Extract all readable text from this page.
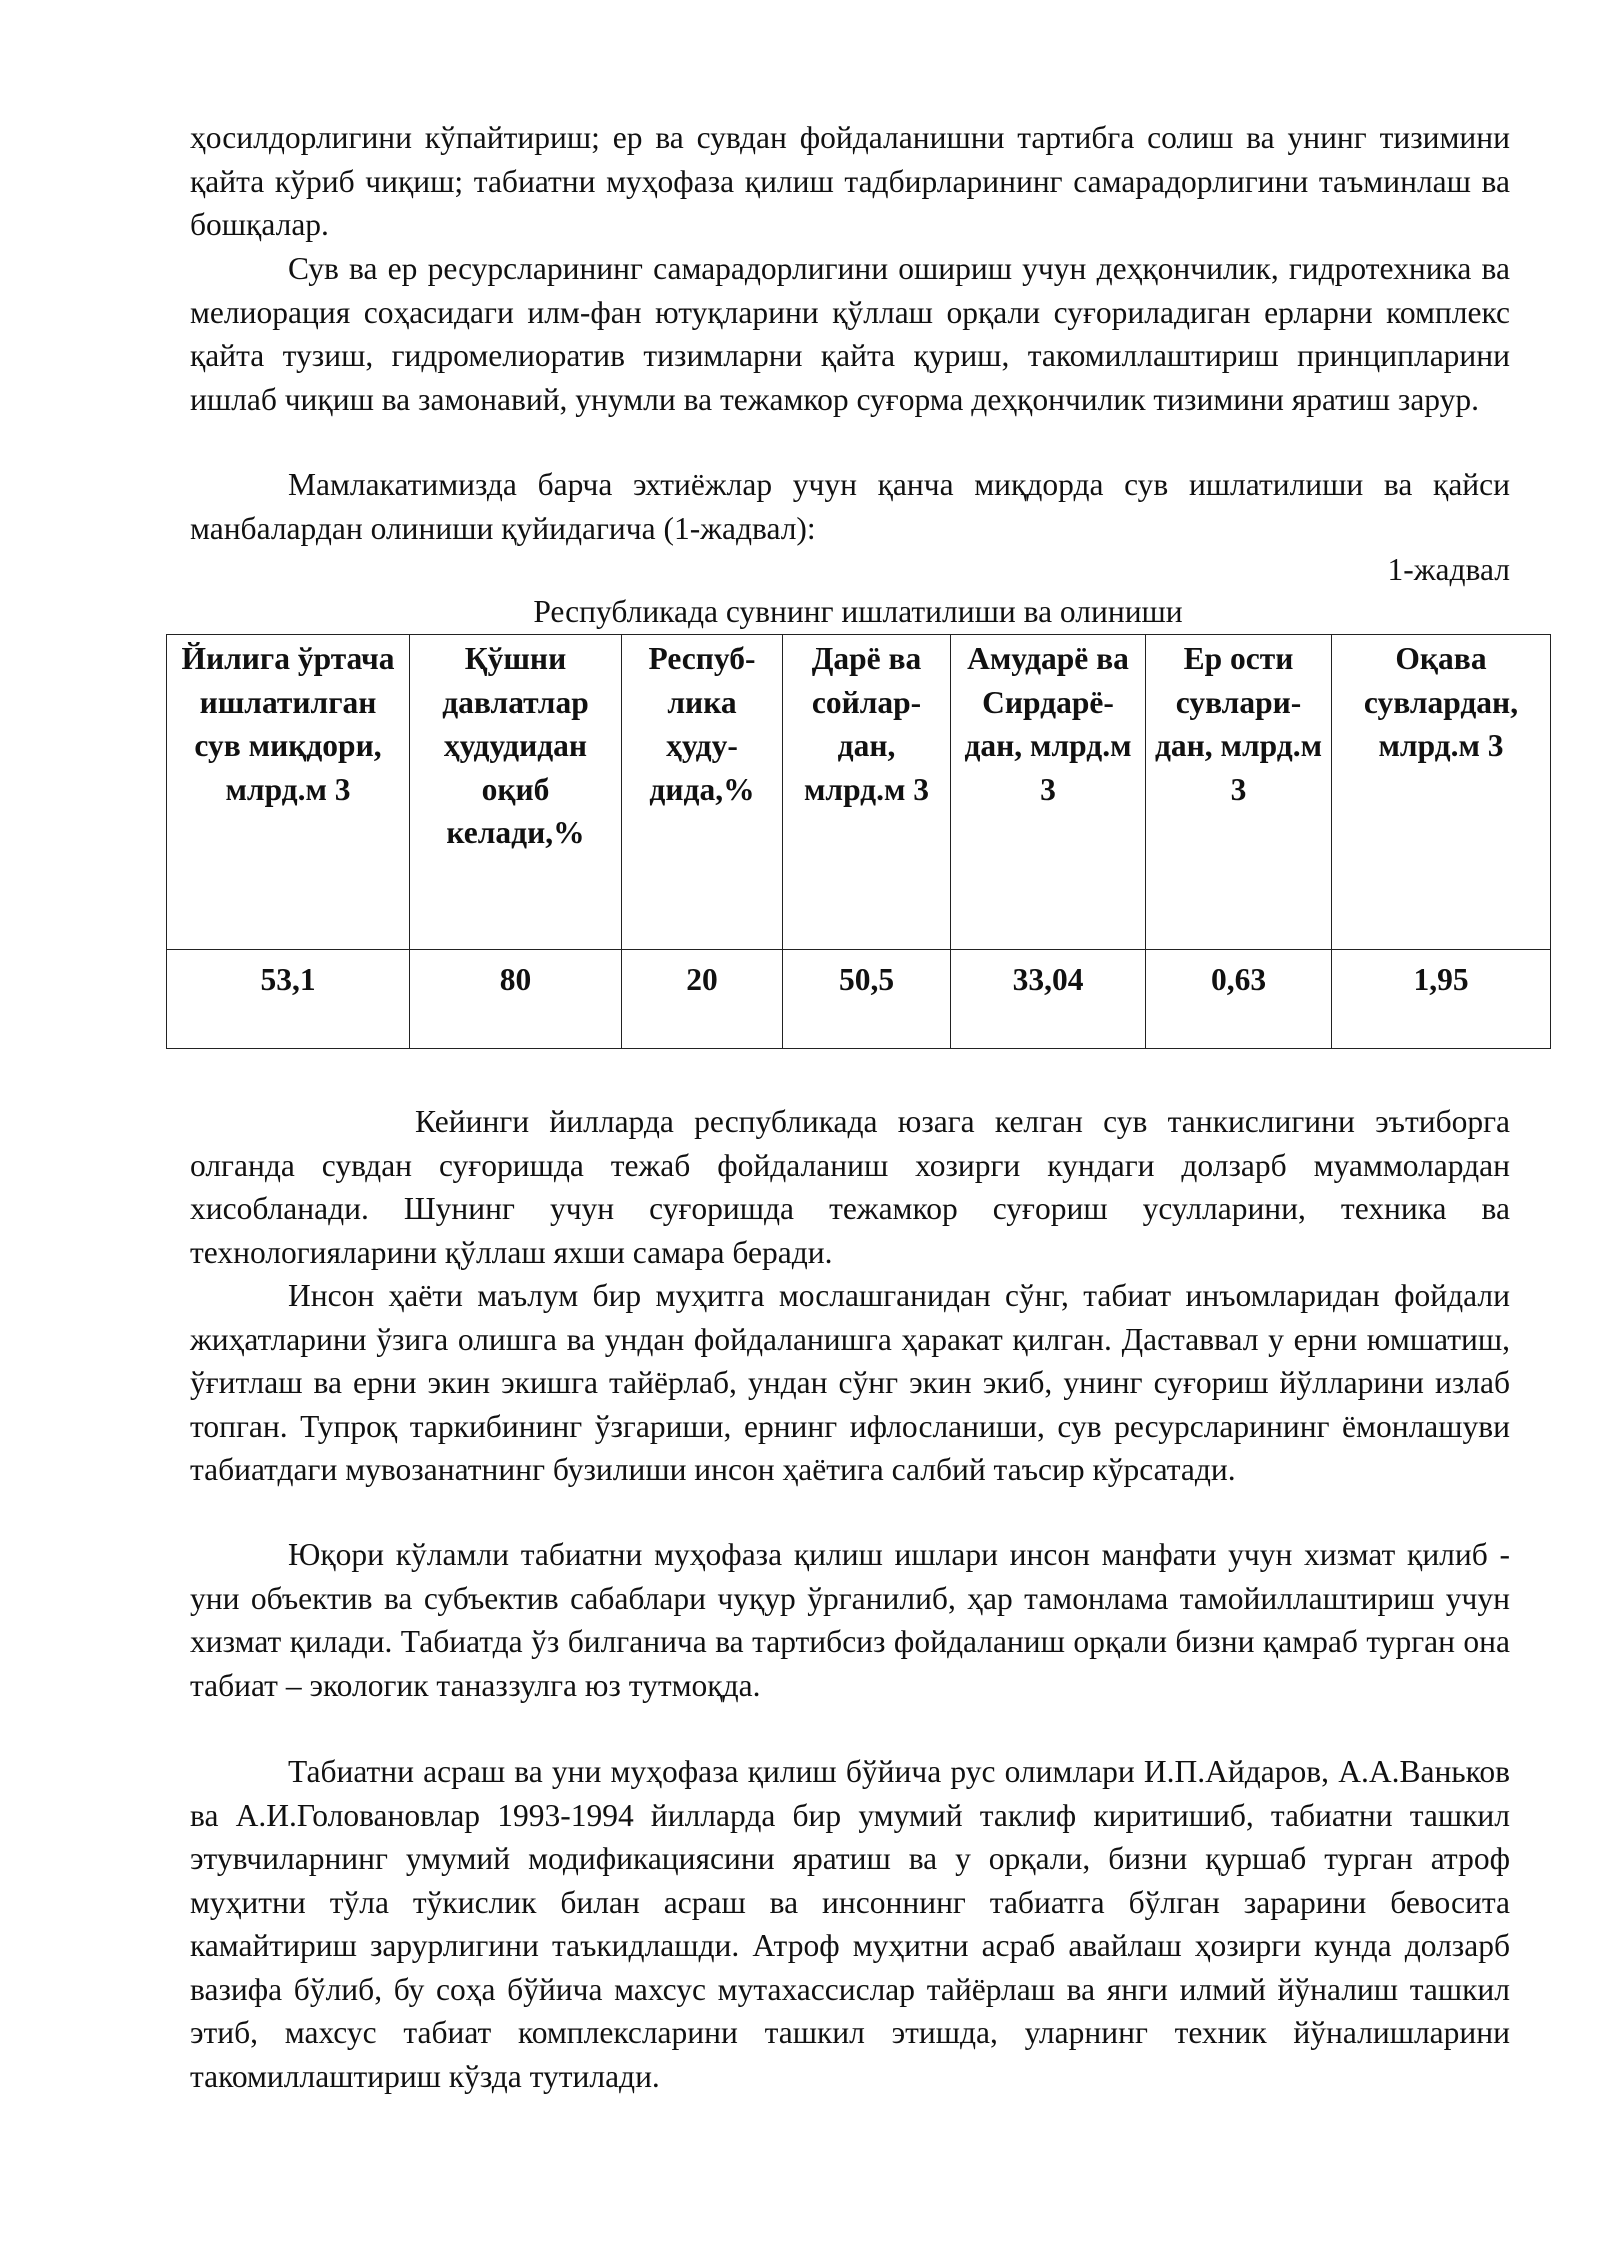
ҳосилдорлигини кўпайтириш; ер ва сувдан фойдаланишни тартибга солиш ва унинг тизимини қайта кўриб чиқиш; табиатни муҳофаза қилиш тадбирларининг самарадорлигини таъминлаш ва бошқалар.

Сув ва ер ресурсларининг самарадорлигини ошириш учун деҳқончилик, гидротехника ва мелиорация соҳасидаги илм-фан ютуқларини қўллаш орқали суғориладиган ерларни комплекс қайта тузиш, гидромелиоратив тизимларни қайта қуриш, такомиллаштириш принципларини ишлаб чиқиш ва замонавий, унумли ва тежамкор суғорма деҳқончилик тизимини яратиш зарур.

Мамлакатимизда барча эхтиёжлар учун қанча миқдорда сув ишлатилиши ва қайси манбалардан олиниши қуйидагича (1-жадвал):

1-жадвал

Республикада сувнинг ишлатилиши ва олиниши

Йилига ўртача ишлатилган сув миқдори, млрд.м 3	Қўшни давлатлар ҳудудидан оқиб келади,%	Респуб-лика ҳуду-дида,%	Дарё ва сойлар-дан, млрд.м 3	Амударё ва Сирдарё-дан, млрд.м 3	Ер ости сувлари-дан, млрд.м 3	Оқава сувлардан, млрд.м 3
53,1	80	20	50,5	33,04	0,63	1,95

Кейинги йилларда республикада юзага келган сув танкислигини эътиборга олганда сувдан суғоришда тежаб фойдаланиш хозирги кундаги долзарб муаммолардан хисобланади. Шунинг учун суғоришда тежамкор суғориш усулларини, техника ва технологияларини қўллаш яхши самара беради.

Инсон ҳаёти маълум бир муҳитга мослашганидан сўнг, табиат инъомларидан фойдали жиҳатларини ўзига олишга ва ундан фойдаланишга ҳаракат қилган. Даставвал у ерни юмшатиш, ўғитлаш ва ерни экин экишга тайёрлаб, ундан сўнг экин экиб, унинг суғориш йўлларини излаб топган. Тупроқ таркибининг ўзгариши, ернинг ифлосланиши, сув ресурсларининг ёмонлашуви табиатдаги мувозанатнинг бузилиши инсон ҳаётига салбий таъсир кўрсатади.

Юқори кўламли табиатни муҳофаза қилиш ишлари инсон манфати учун хизмат қилиб - уни объектив ва субъектив сабаблари чуқур ўрганилиб, ҳар тамонлама тамойиллаштириш учун хизмат қилади. Табиатда ўз билганича ва тартибсиз фойдаланиш орқали бизни қамраб турган она табиат – экологик таназзулга юз тутмоқда.

Табиатни асраш ва уни муҳофаза қилиш бўйича рус олимлари И.П.Айдаров, А.А.Ваньков ва А.И.Головановлар 1993-1994 йилларда бир умумий таклиф киритишиб, табиатни ташкил этувчиларнинг умумий модификациясини яратиш ва у орқали, бизни қуршаб турган атроф муҳитни тўла тўкислик билан асраш ва инсоннинг табиатга бўлган зарарини бевосита камайтириш зарурлигини таъкидлашди. Атроф муҳитни асраб авайлаш ҳозирги кунда долзарб вазифа бўлиб, бу соҳа бўйича махсус мутахассислар тайёрлаш ва янги илмий йўналиш ташкил этиб, махсус табиат комплексларини ташкил этишда, уларнинг техник йўналишларини такомиллаштириш кўзда тутилади.
